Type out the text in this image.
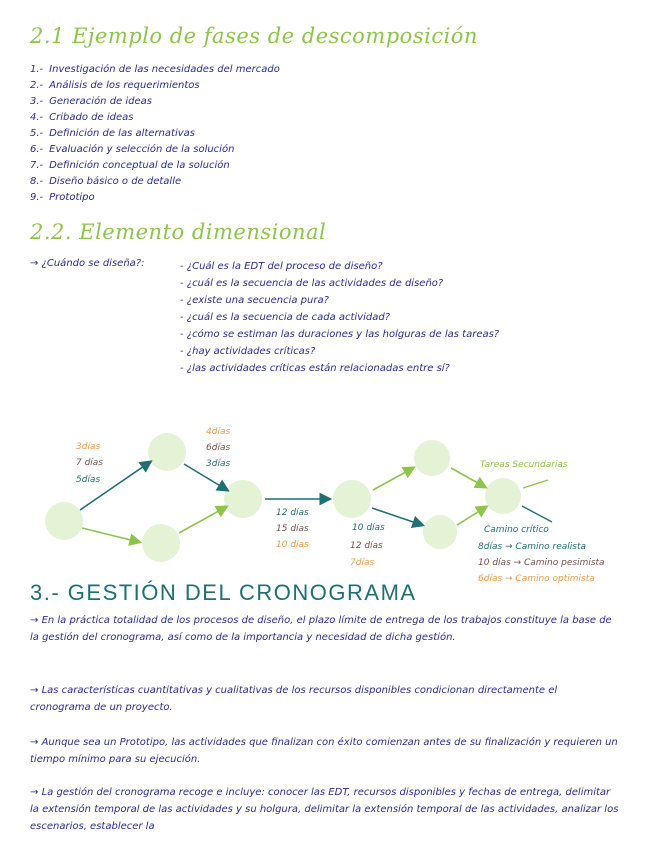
2.1 Ejemplo de fases de descomposición
1.- Investigación de las necesidades del mercado
2.- Análisis de los requerimientos
3.- Generación de ideas
4.- Cribado de ideas
5.- Definición de las alternativas
6.- Evaluación y selección de la solución
7.- Definición conceptual de la solución
8.- Diseño básico o de detalle
9.- Prototipo
2.2. Elemento dimensional
→ ¿Cuándo se diseña?:
-	¿Cuál es la EDT del proceso de diseño?
- ¿cuál es la secuencia de las actividades de diseño?
- ¿existe una secuencia pura?
- ¿cuál es la secuencia de cada actividad?
- ¿cómo se estiman las duraciones y las holguras de las tareas?
- ¿hay actividades críticas?
- ¿las actividades críticas están relacionadas entre sí?
3días
7 días
5días
4días
6días
3días
12 días
15 días
10 días
10 días
12 días
7días
Tareas Secundarias
Camino crítico
8días → Camino realista
10 días → Camino pesimista
6días → Camino optimista
3.- GESTIÓN DEL CRONOGRAMA

→ En la práctica totalidad de los procesos de diseño, el plazo límite de entrega de los trabajos constituye la base de la gestión del cronograma, así como de la importancia y necesidad de dicha gestión.

→ Las características cuantitativas y cualitativas de los recursos disponibles condicionan directamente el cronograma de un proyecto.

→ Aunque sea un Prototipo, las actividades que finalizan con éxito comienzan antes de su finalización y requieren un tiempo mínimo para su ejecución.

→ La gestión del cronograma recoge e incluye: conocer las EDT, recursos disponibles y fechas de entrega, delimitar la extensión temporal de las actividades y su holgura, delimitar la extensión temporal de las actividades, analizar los escenarios, establecer la
